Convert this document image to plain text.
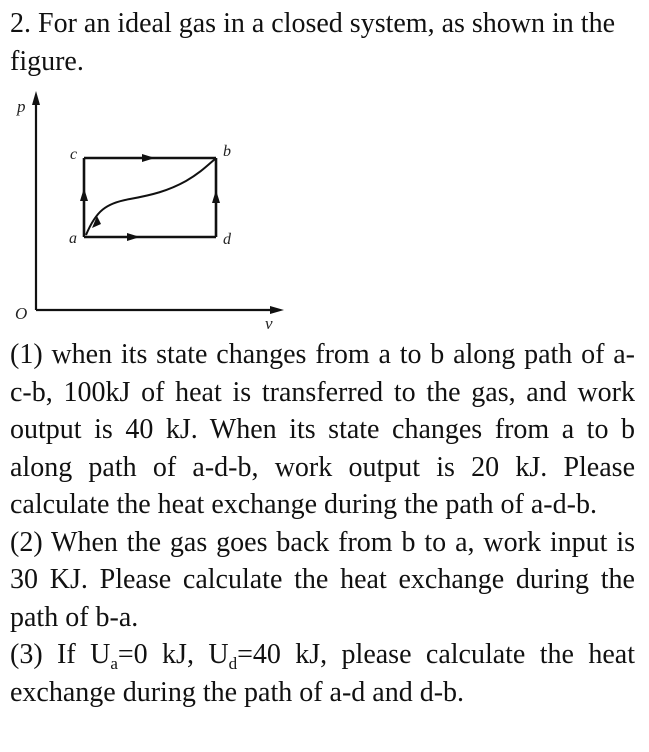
2. For an ideal gas in a closed system, as shown in the figure.

p
v
O
c	b
a	d

(1) when its state changes from a to b along path of a-c-b, 100kJ of heat is transferred to the gas, and work output is 40 kJ. When its state changes from a to b along path of a-d-b, work output is 20 kJ. Please calculate the heat exchange during the path of a-d-b.

(2) When the gas goes back from b to a, work input is 30 KJ. Please calculate the heat exchange during the path of b-a.

(3) If $U_a=0$ kJ, $U_d=40$ kJ, please calculate the heat exchange during the path of a-d and d-b.
